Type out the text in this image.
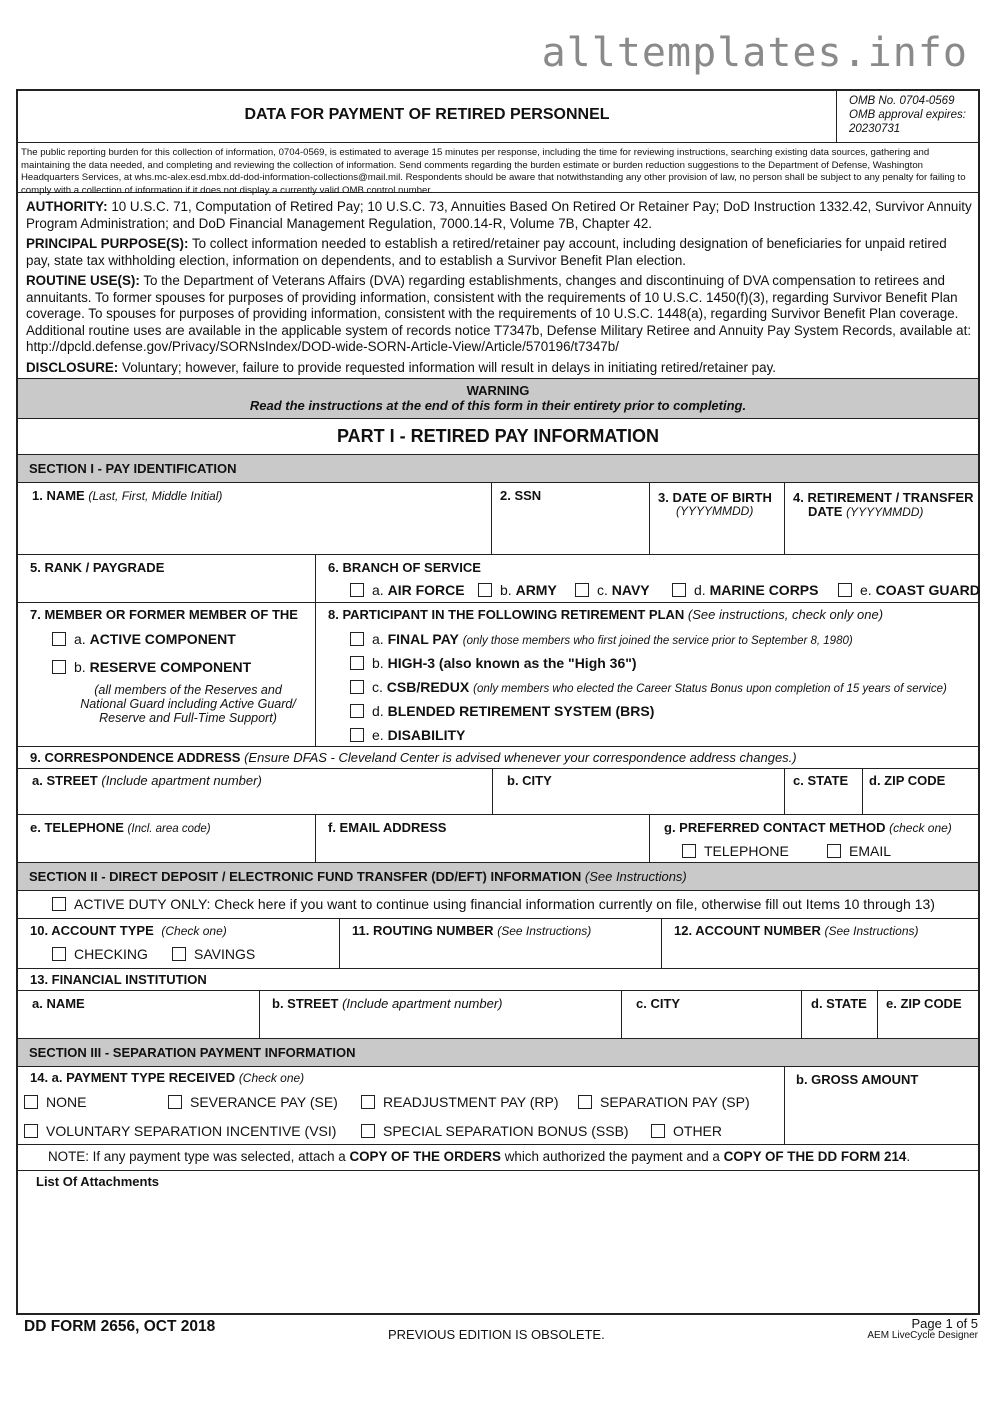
alltemplates.info
DATA FOR PAYMENT OF RETIRED PERSONNEL
OMB No. 0704-0569
OMB approval expires:
20230731
The public reporting burden for this collection of information, 0704-0569, is estimated to average 15 minutes per response, including the time for reviewing instructions, searching existing data sources, gathering and maintaining the data needed, and completing and reviewing the collection of information. Send comments regarding the burden estimate or burden reduction suggestions to the Department of Defense, Washington Headquarters Services, at whs.mc-alex.esd.mbx.dd-dod-information-collections@mail.mil. Respondents should be aware that notwithstanding any other provision of law, no person shall be subject to any penalty for failing to comply with a collection of information if it does not display a currently valid OMB control number.

AUTHORITY: 10 U.S.C. 71, Computation of Retired Pay; 10 U.S.C. 73, Annuities Based On Retired Or Retainer Pay; DoD Instruction 1332.42, Survivor Annuity Program Administration; and DoD Financial Management Regulation, 7000.14-R, Volume 7B, Chapter 42.

PRINCIPAL PURPOSE(S): To collect information needed to establish a retired/retainer pay account, including designation of beneficiaries for unpaid retired pay, state tax withholding election, information on dependents, and to establish a Survivor Benefit Plan election.

ROUTINE USE(S): To the Department of Veterans Affairs (DVA) regarding establishments, changes and discontinuing of DVA compensation to retirees and annuitants. To former spouses for purposes of providing information, consistent with the requirements of 10 U.S.C. 1450(f)(3), regarding Survivor Benefit Plan coverage. To spouses for purposes of providing information, consistent with the requirements of 10 U.S.C. 1448(a), regarding Survivor Benefit Plan coverage. Additional routine uses are available in the applicable system of records notice T7347b, Defense Military Retiree and Annuity Pay System Records, available at: http://dpcld.defense.gov/Privacy/SORNsIndex/DOD-wide-SORN-Article-View/Article/570196/t7347b/

DISCLOSURE: Voluntary; however, failure to provide requested information will result in delays in initiating retired/retainer pay.

WARNING
Read the instructions at the end of this form in their entirety prior to completing.
PART I - RETIRED PAY INFORMATION
SECTION I - PAY IDENTIFICATION
1. NAME (Last, First, Middle Initial)	2. SSN	3. DATE OF BIRTH
(YYYYMMDD)
4. RETIREMENT / TRANSFER
DATE (YYYYMMDD)
5. RANK / PAYGRADE	6. BRANCH OF SERVICE
a. AIR FORCE	b. ARMY	c. NAVY	d. MARINE CORPS	e. COAST GUARD
7. MEMBER OR FORMER MEMBER OF THE
a. ACTIVE COMPONENT
b. RESERVE COMPONENT
(all members of the Reserves and
National Guard including Active Guard/
Reserve and Full-Time Support)
8. PARTICIPANT IN THE FOLLOWING RETIREMENT PLAN (See instructions, check only one)
a. FINAL PAY (only those members who first joined the service prior to September 8, 1980)
b. HIGH-3 (also known as the "High 36")
c. CSB/REDUX (only members who elected the Career Status Bonus upon completion of 15 years of service)
d. BLENDED RETIREMENT SYSTEM (BRS)
e. DISABILITY
9. CORRESPONDENCE ADDRESS (Ensure DFAS - Cleveland Center is advised whenever your correspondence address changes.)
a. STREET (Include apartment number)	b. CITY	c. STATE d. ZIP CODE
e. TELEPHONE (Incl. area code)	f. EMAIL ADDRESS	g. PREFERRED CONTACT METHOD (check one)
TELEPHONE	EMAIL
SECTION II - DIRECT DEPOSIT / ELECTRONIC FUND TRANSFER (DD/EFT) INFORMATION (See Instructions)
ACTIVE DUTY ONLY: Check here if you want to continue using financial information currently on file, otherwise fill out Items 10 through 13)
10. ACCOUNT TYPE (Check one)
CHECKING	SAVINGS
11. ROUTING NUMBER (See Instructions)	12. ACCOUNT NUMBER (See Instructions)
13. FINANCIAL INSTITUTION
a. NAME	b. STREET (Include apartment number)	c. CITY	d. STATE e. ZIP CODE
SECTION III - SEPARATION PAYMENT INFORMATION
14. a. PAYMENT TYPE RECEIVED (Check one)
NONE	SEVERANCE PAY (SE)	READJUSTMENT PAY (RP)	SEPARATION PAY (SP)
VOLUNTARY SEPARATION INCENTIVE (VSI)	SPECIAL SEPARATION BONUS (SSB)	OTHER
b. GROSS AMOUNT
NOTE: If any payment type was selected, attach a COPY OF THE ORDERS which authorized the payment and a COPY OF THE DD FORM 214.
List Of Attachments
DD FORM 2656, OCT 2018	PREVIOUS EDITION IS OBSOLETE.
Page 1 of 5
AEM LiveCycle Designer
